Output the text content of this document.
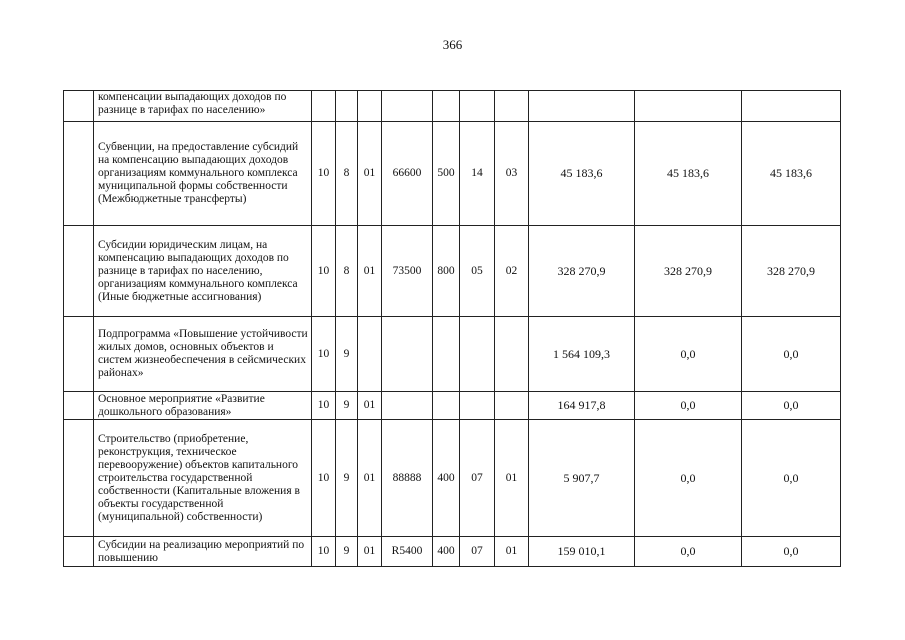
366
	компенсации выпадающих доходов по разнице в тарифах по населению»										
	Субвенции, на предоставление субсидий на компенсацию выпадающих доходов организациям коммунального комплекса муниципальной формы собственности (Межбюджетные трансферты)	10	8	01	66600	500	14	03	45 183,6	45 183,6	45 183,6
	Субсидии юридическим лицам, на компенсацию выпадающих доходов по разнице в тарифах по населению, организациям коммунального комплекса (Иные бюджетные ассигнования)	10	8	01	73500	800	05	02	328 270,9	328 270,9	328 270,9
	Подпрограмма «Повышение устойчивости жилых домов, основных объектов и систем жизнеобеспечения в сейсмических районах»	10	9						1 564 109,3	0,0	0,0
	Основное мероприятие «Развитие дошкольного образования»	10	9	01					164 917,8	0,0	0,0
	Строительство (приобретение, реконструкция, техническое перевооружение) объектов капитального строительства государственной собственности (Капитальные вложения в объекты государственной (муниципальной) собственности)	10	9	01	88888	400	07	01	5 907,7	0,0	0,0
	Субсидии на реализацию мероприятий по повышению	10	9	01	R5400	400	07	01	159 010,1	0,0	0,0
